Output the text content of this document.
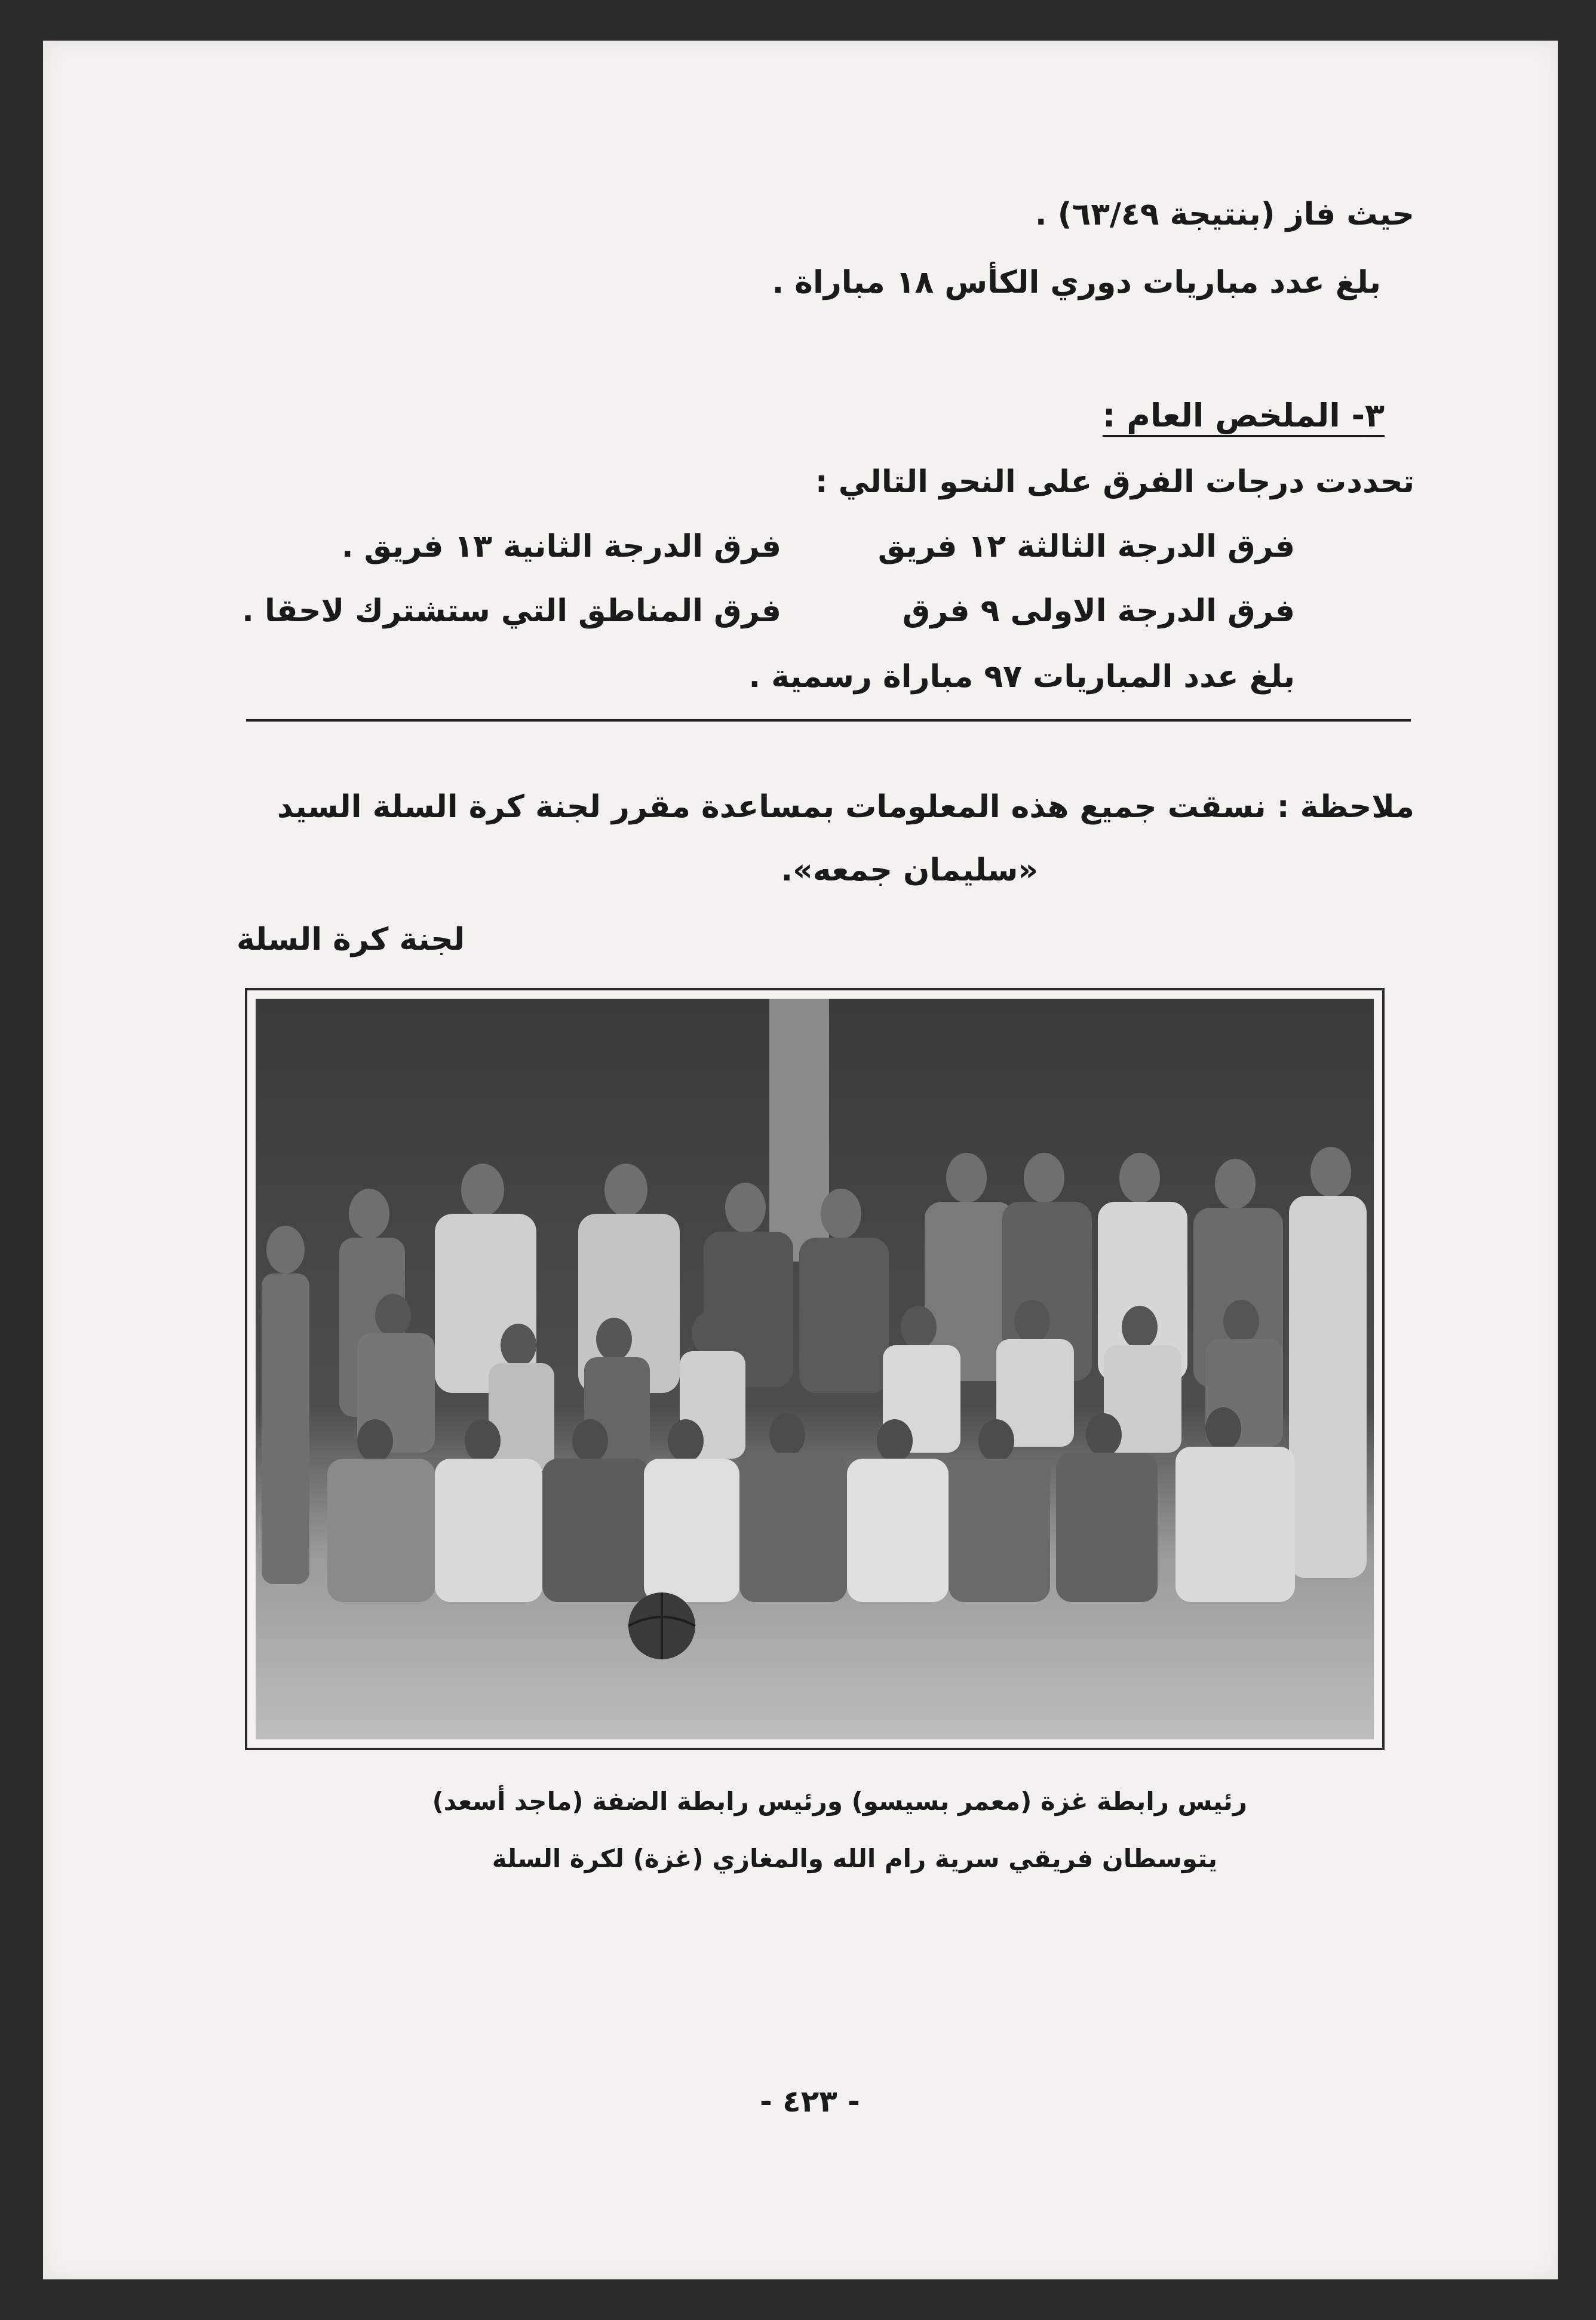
حيث فاز (بنتيجة ٦٣/٤٩) .
بلغ عدد مباريات دوري الكأس ١٨ مباراة .
٣- الملخص العام :
تحددت درجات الفرق على النحو التالي :
فرق الدرجة الثالثة ١٢ فريق
فرق الدرجة الثانية ١٣ فريق .
فرق الدرجة الاولى ٩ فرق
فرق المناطق التي ستشترك لاحقا .
بلغ عدد المباريات ٩٧ مباراة رسمية .
ملاحظة : نسقت جميع هذه المعلومات بمساعدة مقرر لجنة كرة السلة السيد
«سليمان جمعه».
لجنة كرة السلة
رئيس رابطة غزة (معمر بسيسو) ورئيس رابطة الضفة (ماجد أسعد)
يتوسطان فريقي سرية رام الله والمغازي (غزة) لكرة السلة
- ٤٢٣ -
